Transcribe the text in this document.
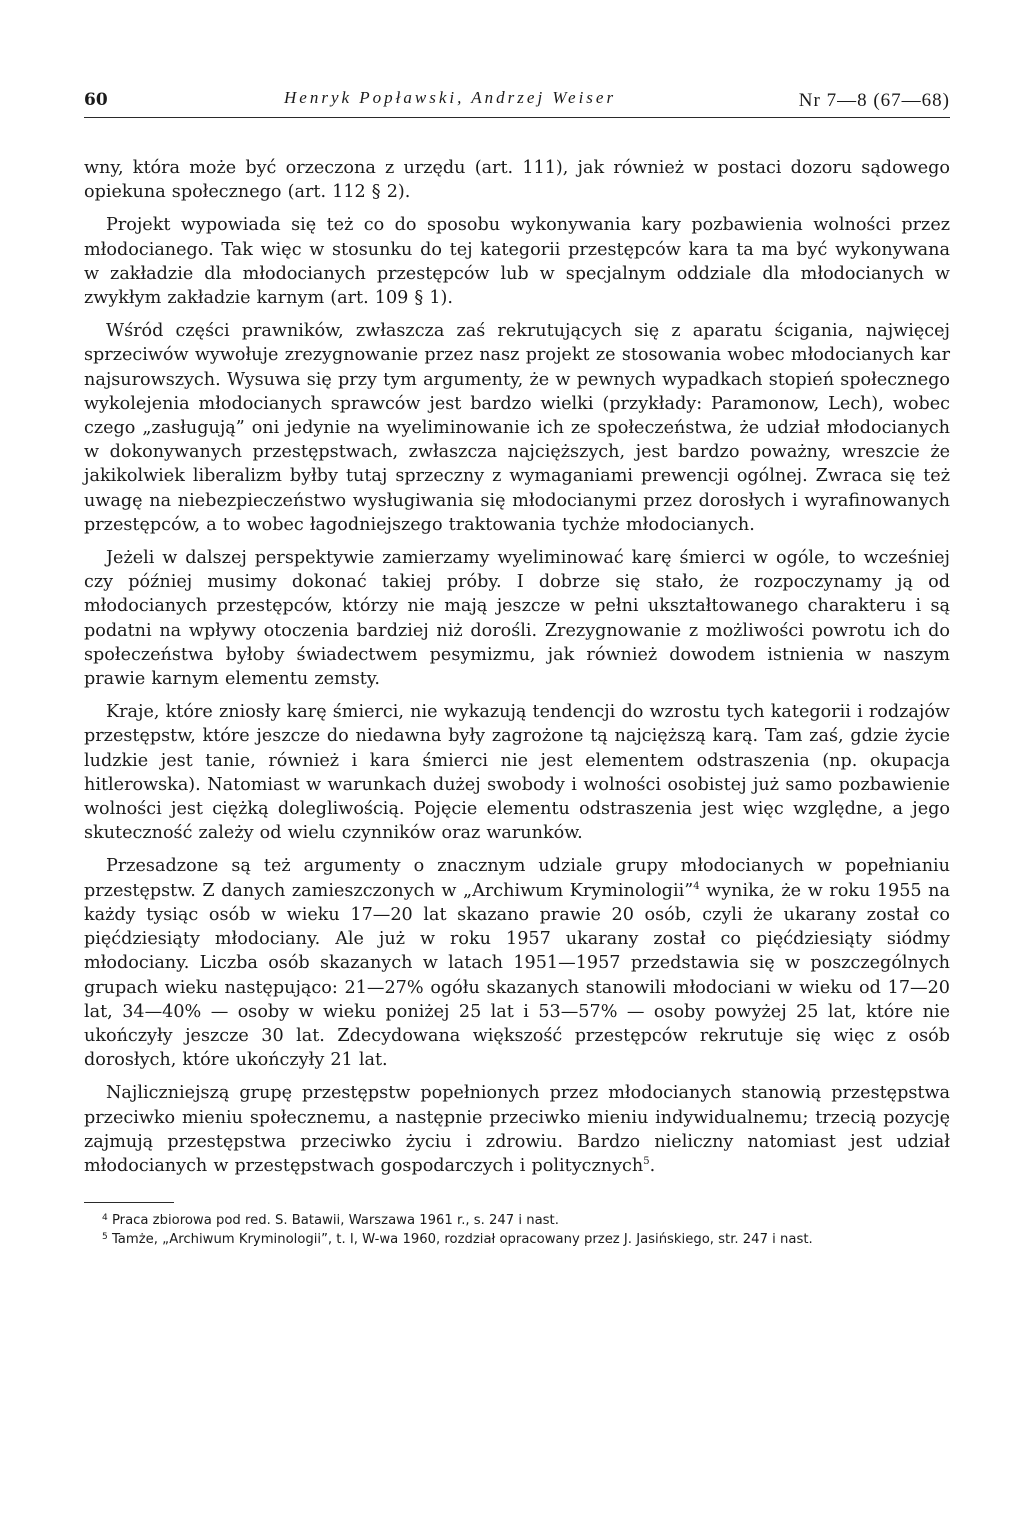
60	Henryk Popławski, Andrzej Weiser	Nr 7—8 (67—68)

wny, która może być orzeczona z urzędu (art. 111), jak również w postaci dozoru sądowego opiekuna społecznego (art. 112 § 2).

Projekt wypowiada się też co do sposobu wykonywania kary pozbawienia wolności przez młodocianego. Tak więc w stosunku do tej kategorii przestępców kara ta ma być wykonywana w zakładzie dla młodocianych przestępców lub w specjalnym oddziale dla młodocianych w zwykłym zakładzie karnym (art. 109 § 1).

Wśród części prawników, zwłaszcza zaś rekrutujących się z aparatu ścigania, najwięcej sprzeciwów wywołuje zrezygnowanie przez nasz projekt ze stosowania wobec młodocianych kar najsurowszych. Wysuwa się przy tym argumenty, że w pewnych wypadkach stopień społecznego wykolejenia młodocianych sprawców jest bardzo wielki (przykłady: Paramonow, Lech), wobec czego „zasługują” oni jedynie na wyeliminowanie ich ze społeczeństwa, że udział młodocianych w dokonywanych przestępstwach, zwłaszcza najcięższych, jest bardzo poważny, wreszcie że jakikolwiek liberalizm byłby tutaj sprzeczny z wymaganiami prewencji ogólnej. Zwraca się też uwagę na niebezpieczeństwo wysługiwania się młodocianymi przez dorosłych i wyrafinowanych przestępców, a to wobec łagodniejszego traktowania tychże młodocianych.

Jeżeli w dalszej perspektywie zamierzamy wyeliminować karę śmierci w ogóle, to wcześniej czy później musimy dokonać takiej próby. I dobrze się stało, że rozpoczynamy ją od młodocianych przestępców, którzy nie mają jeszcze w pełni ukształtowanego charakteru i są podatni na wpływy otoczenia bardziej niż dorośli. Zrezygnowanie z możliwości powrotu ich do społeczeństwa byłoby świadectwem pesymizmu, jak również dowodem istnienia w naszym prawie karnym elementu zemsty.

Kraje, które zniosły karę śmierci, nie wykazują tendencji do wzrostu tych kategorii i rodzajów przestępstw, które jeszcze do niedawna były zagrożone tą najcięższą karą. Tam zaś, gdzie życie ludzkie jest tanie, również i kara śmierci nie jest elementem odstraszenia (np. okupacja hitlerowska). Natomiast w warunkach dużej swobody i wolności osobistej już samo pozbawienie wolności jest ciężką dolegliwością. Pojęcie elementu odstraszenia jest więc względne, a jego skuteczność zależy od wielu czynników oraz warunków.

Przesadzone są też argumenty o znacznym udziale grupy młodocianych w popełnianiu przestępstw. Z danych zamieszczonych w „Archiwum Kryminologii”$^4$ wynika, że w roku 1955 na każdy tysiąc osób w wieku 17—20 lat skazano prawie 20 osób, czyli że ukarany został co pięćdziesiąty młodociany. Ale już w roku 1957 ukarany został co pięćdziesiąty siódmy młodociany. Liczba osób skazanych w latach 1951—1957 przedstawia się w poszczególnych grupach wieku następująco: 21—27% ogółu skazanych stanowili młodociani w wieku od 17—20 lat, 34—40% — osoby w wieku poniżej 25 lat i 53—57% — osoby powyżej 25 lat, które nie ukończyły jeszcze 30 lat. Zdecydowana większość przestępców rekrutuje się więc z osób dorosłych, które ukończyły 21 lat.

Najliczniejszą grupę przestępstw popełnionych przez młodocianych stanowią przestępstwa przeciwko mieniu społecznemu, a następnie przeciwko mieniu indywidualnemu; trzecią pozycję zajmują przestępstwa przeciwko życiu i zdrowiu. Bardzo nieliczny natomiast jest udział młodocianych w przestępstwach gospodarczych i politycznych$^5$.

$^4$ Praca zbiorowa pod red. S. Batawii, Warszawa 1961 r., s. 247 i nast.

$^5$ Tamże, „Archiwum Kryminologii”, t. I, W-wa 1960, rozdział opracowany przez J. Jasińskiego, str. 247 i nast.
